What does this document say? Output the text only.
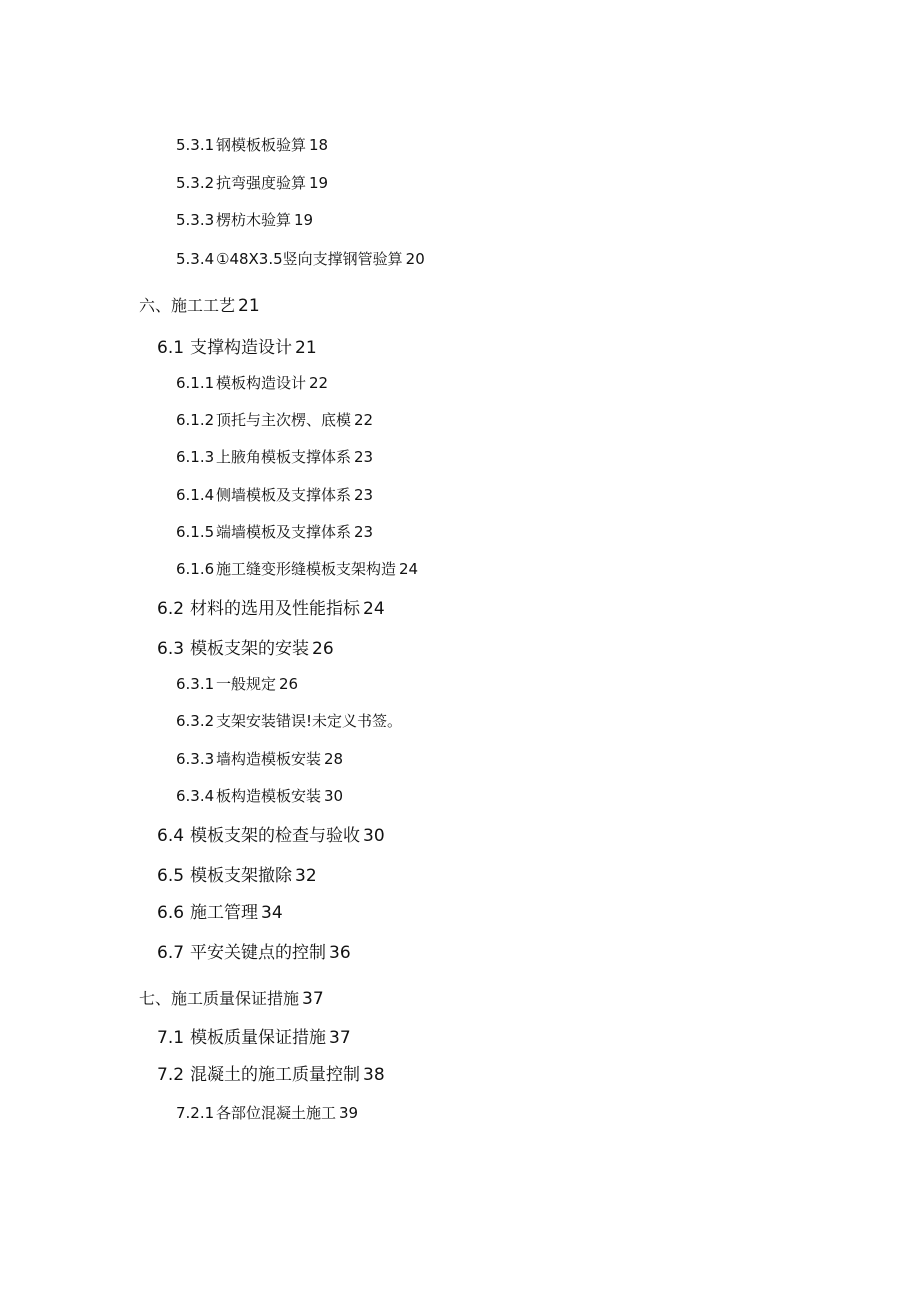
5.3.1 钢模板板验算 18
5.3.2 抗弯强度验算 19
5.3.3 楞枋木验算 19
5.3.4 ①48X3.5竖向支撑钢管验算 20
六、施工工艺 21
6.1 支撑构造设计 21
6.1.1 模板构造设计 22
6.1.2 顶托与主次楞、底模 22
6.1.3 上腋角模板支撑体系 23
6.1.4 侧墙模板及支撑体系 23
6.1.5 端墙模板及支撑体系 23
6.1.6 施工缝变形缝模板支架构造 24
6.2 材料的选用及性能指标 24
6.3 模板支架的安装 26
6.3.1 一般规定 26
6.3.2 支架安装错误!未定义书签。
6.3.3 墙构造模板安装 28
6.3.4 板构造模板安装 30
6.4 模板支架的检查与验收 30
6.5 模板支架撤除 32
6.6 施工管理 34
6.7 平安关键点的控制 36
七、施工质量保证措施 37
7.1 模板质量保证措施 37
7.2 混凝土的施工质量控制 38
7.2.1 各部位混凝土施工 39
